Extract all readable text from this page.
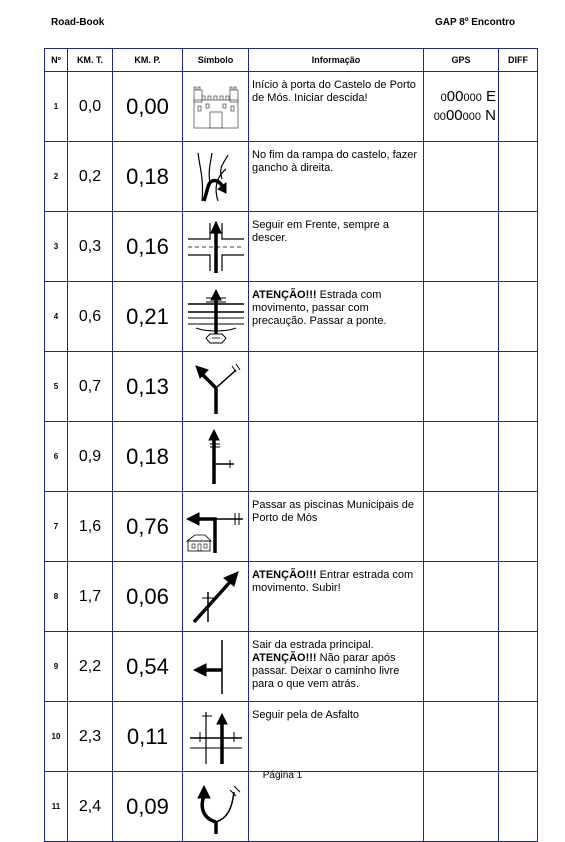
Road-Book	GAP 8º Encontro
Nº	KM. T.	KM. P.	Símbolo	Informação	GPS	DIFF
1	0,0	0,00		Início à porta do Castelo de Porto de Mós. Iniciar descida!	000000 E
0000000 N	

2	0,2	0,18		No fim da rampa do castelo, fazer gancho à direita.		
3	0,3	0,16		Seguir em Frente, sempre a descer.		
4	0,6	0,21		ATENÇÃO!!! Estrada com movimento, passar com precaução. Passar a ponte.		
5	0,7	0,13	

6	0,9	0,18	

7	1,6	0,76		Passar as piscinas Municipais de Porto de Mós		
8	1,7	0,06		ATENÇÃO!!! Entrar estrada com movimento. Subir!		
9	2,2	0,54		Sair da estrada principal. ATENÇÃO!!! Não parar após passar. Deixar o caminho livre para o que vem atrás.		
10	2,3	0,11		Seguir pela de Asfalto		
11	2,4	0,09	

Página 1
